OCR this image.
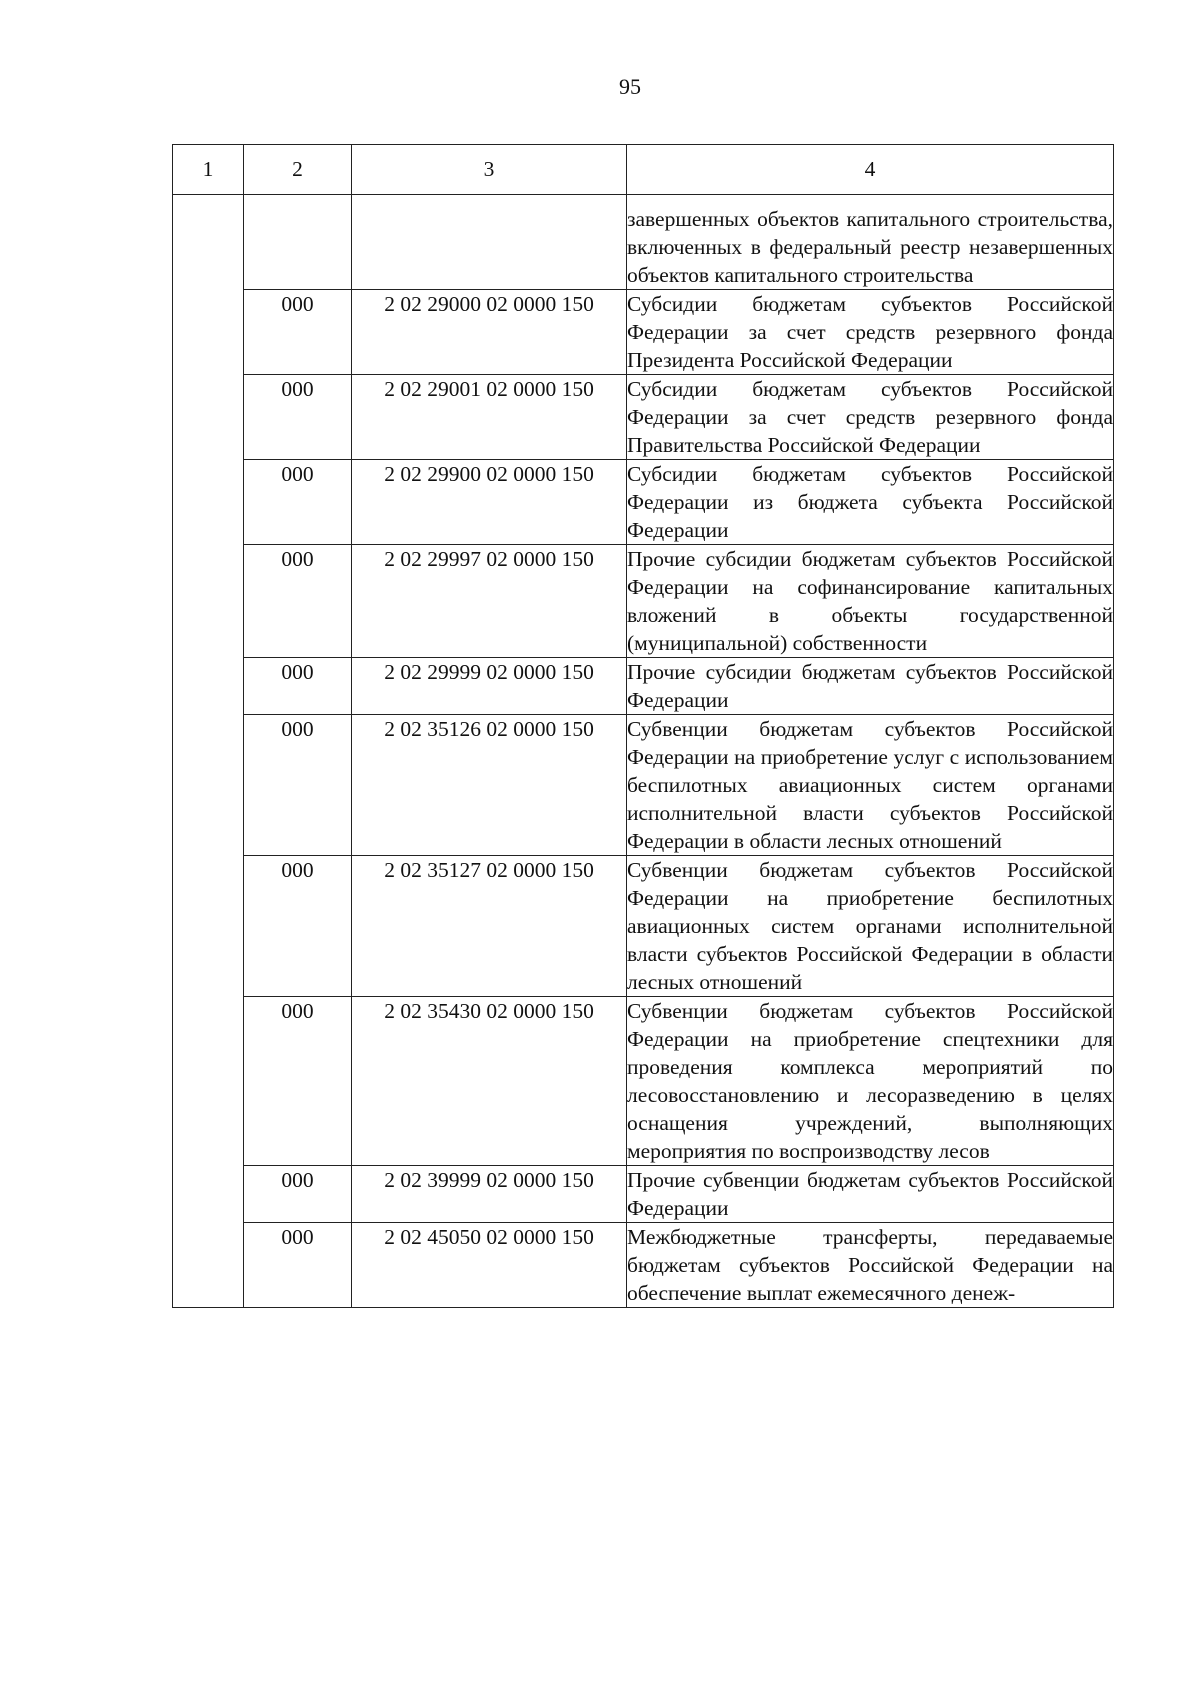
95
1	2	3	4
			завершенных объектов капитального строительства, включенных в федеральный реестр незавершенных объектов капитального строительства
	000	2 02 29000 02 0000 150	Субсидии бюджетам субъектов Российской Федерации за счет средств резервного фонда Президента Российской Федерации
	000	2 02 29001 02 0000 150	Субсидии бюджетам субъектов Российской Федерации за счет средств резервного фонда Правительства Российской Федерации
	000	2 02 29900 02 0000 150	Субсидии бюджетам субъектов Российской Федерации из бюджета субъекта Российской Федерации
	000	2 02 29997 02 0000 150	Прочие субсидии бюджетам субъектов Российской Федерации на софинансирование капитальных вложений в объекты государственной (муниципальной) собственности
	000	2 02 29999 02 0000 150	Прочие субсидии бюджетам субъектов Российской Федерации
	000	2 02 35126 02 0000 150	Субвенции бюджетам субъектов Российской Федерации на приобретение услуг с использованием беспилотных авиационных систем органами исполнительной власти субъектов Российской Федерации в области лесных отношений
	000	2 02 35127 02 0000 150	Субвенции бюджетам субъектов Российской Федерации на приобретение беспилотных авиационных систем органами исполнительной власти субъектов Российской Федерации в области лесных отношений
	000	2 02 35430 02 0000 150	Субвенции бюджетам субъектов Российской Федерации на приобретение спецтехники для проведения комплекса мероприятий по лесовосстановлению и лесоразведению в целях оснащения учреждений, выполняющих мероприятия по воспроизводству лесов
	000	2 02 39999 02 0000 150	Прочие субвенции бюджетам субъектов Российской Федерации
	000	2 02 45050 02 0000 150	Межбюджетные трансферты, передаваемые бюджетам субъектов Российской Федерации на обеспечение выплат ежемесячного денеж-
